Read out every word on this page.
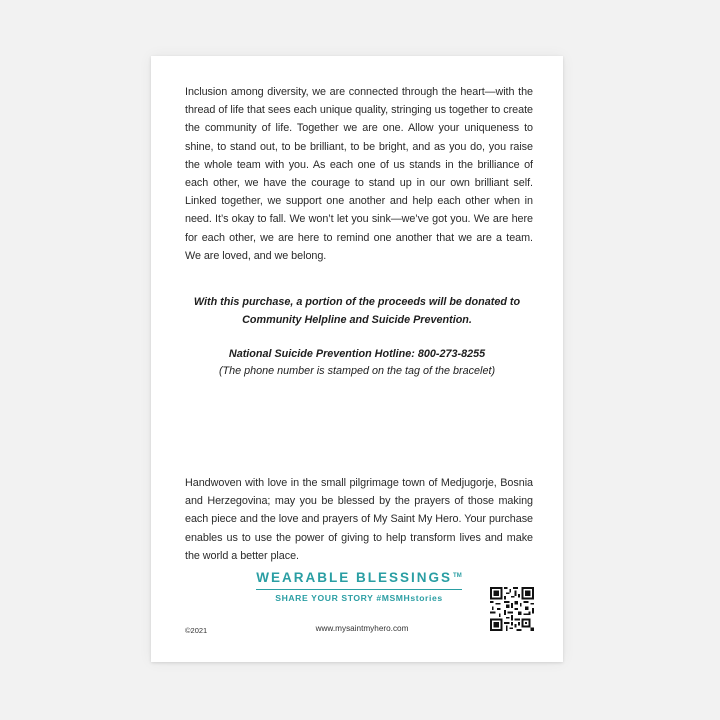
Inclusion among diversity, we are connected through the heart—with the thread of life that sees each unique quality, stringing us together to create the community of life. Together we are one. Allow your uniqueness to shine, to stand out, to be brilliant, to be bright, and as you do, you raise the whole team with you. As each one of us stands in the brilliance of each other, we have the courage to stand up in our own brilliant self. Linked together, we support one another and help each other when in need. It’s okay to fall. We won’t let you sink—we’ve got you. We are here for each other, we are here to remind one another that we are a team. We are loved, and we belong.

With this purchase, a portion of the proceeds will be donated to
Community Helpline and Suicide Prevention.

National Suicide Prevention Hotline: 800-273-8255
(The phone number is stamped on the tag of the bracelet)

Handwoven with love in the small pilgrimage town of Medjugorje, Bosnia and Herzegovina; may you be blessed by the prayers of those making each piece and the love and prayers of My Saint My Hero. Your purchase enables us to use the power of giving to help transform lives and make the world a better place.

WEARABLE BLESSINGS™
SHARE YOUR STORY #MSMHstories
©2021	www.mysaintmyhero.com
